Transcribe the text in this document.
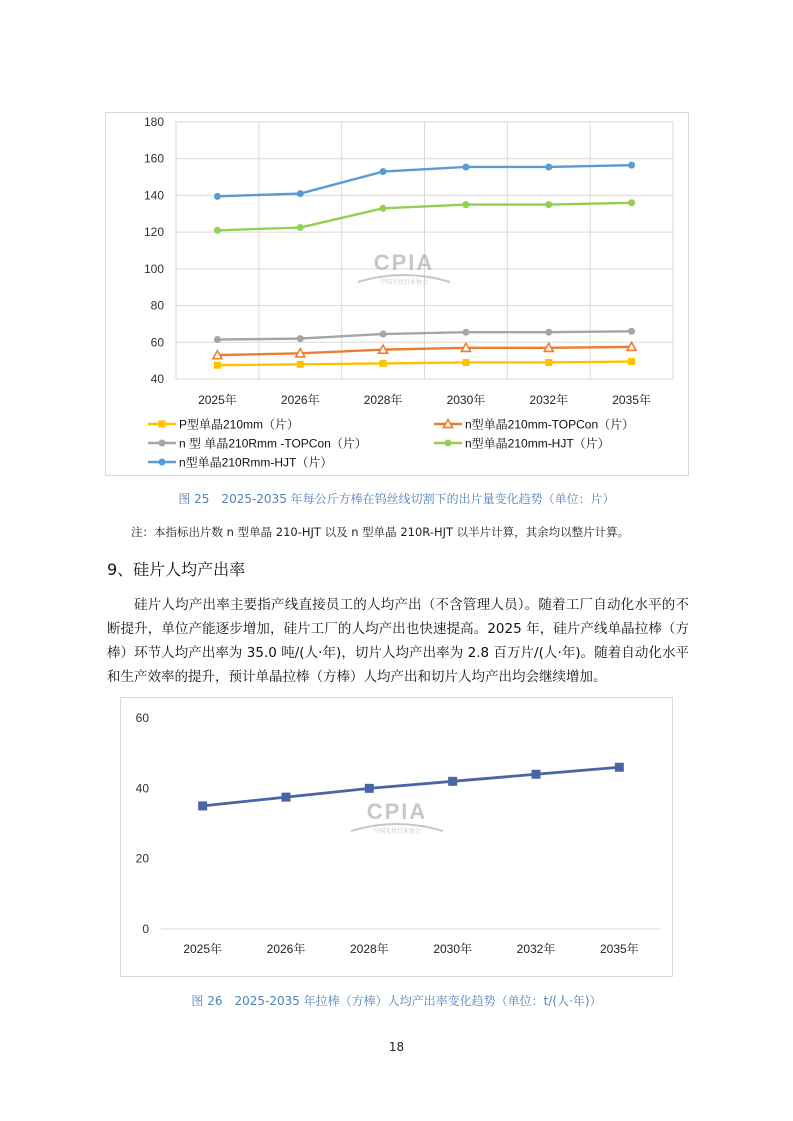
40
60
80
100
120
140
160
180
2025年	2026年	2028年	2030年	2032年	2035年
CPIA
中国光伏行业协会
P型单晶210mm（片）	n型单晶210mm-TOPCon（片）
n 型 单晶210Rmm -TOPCon（片）	n型单晶210mm-HJT（片）
n型单晶210Rmm-HJT（片）
图 25　2025-2035 年每公斤方棒在钨丝线切割下的出片量变化趋势（单位：片）
注：本指标出片数 n 型单晶 210-HJT 以及 n 型单晶 210R-HJT 以半片计算，其余均以整片计算。
9、硅片人均产出率

硅片人均产出率主要指产线直接员工的人均产出（不含管理人员）。随着工厂自动化水平的不断提升，单位产能逐步增加，硅片工厂的人均产出也快速提高。2025 年，硅片产线单晶拉棒（方棒）环节人均产出率为 35.0 吨/(人·年)，切片人均产出率为 2.8 百万片/(人·年)。随着自动化水平和生产效率的提升，预计单晶拉棒（方棒）人均产出和切片人均产出均会继续增加。

0
20
40
60
2025年	2026年	2028年	2030年	2032年	2035年
CPIA
中国光伏行业协会
图 26　2025-2035 年拉棒（方棒）人均产出率变化趋势（单位：t/(人·年)）
18
